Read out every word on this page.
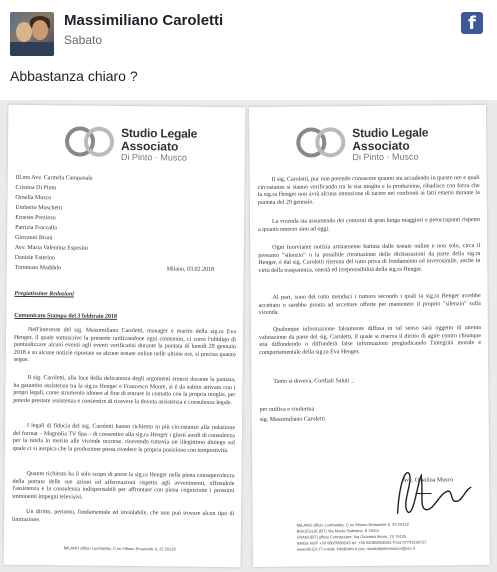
Massimiliano Caroletti
Sabato
f
Abbastanza chiaro ?
Studio Legale
Associato
Di Pinto · Musco
Ill.mo Avv. Carmela Campanale
Cristina Di Pinto
Ornella Musco
Umberto Moschetti
Ernesto Prezioso
Patrizia Fraccalla
Giovanni Bruni
Avv. Maria Valentina Esposito
Daniele Esterino
Tommaso Maddalo	Milano, 03.02.2018
Pregiatissime Redazioni
Comunicato Stampa del 3 febbraio 2018
Nell'interesse del sig. Massimiliano Caroletti, manager e marito della sig.ra Eva Henger, il quale sottoscrive la presente ratificandone ogni contenuto, ci corre l'obbligo di puntualizzare alcuni eventi agli eventi verificatisi durante la puntata di lunedì 29 gennaio 2018 e su alcune notizie riportate su alcune testate online nelle ultime ore, si precisa quanto segue.
Il sig. Caroletti, alla luce della delicatezza degli argomenti emersi durante la puntata, ha garantito assistenza tra la sig.ra Henger e Francesco Monte, si è da subito attivato con i propri legali, come strumento idoneo al fine di entrare in contatto con la propria moglie, per poterle prestare assistenza e consentire di ricevere la dovuta assistenza e consulenza legale.
I legali di fiducia del sig. Caroletti hanno richiesto in più circostanze alla redazione del format – Magnolia TV Spa – di consentire alla sig.ra Henger i giusti ausili di consulenza per la tutela in merito alle vicende occorse, ricevendo tuttavia un illegittimo diniego sul quale ci si auspica che la produzione possa rivedere la propria posizione con tempestività.
Quanto richiesto ha il solo scopo di porre la sig.ra Henger nella piena consapevolezza della portata delle sue azioni ed affermazioni rispetto agli avvenimenti, offrendole l'assistenza e la consulenza indispensabili per affrontare con piena cognizione i prossimi imminenti impegni televisivi.
Un diritto, pertanto, fondamentale ed inviolabile, che non può trovare alcun tipo di limitazione.
MILANO ufficio Lombardia: C.so Vittorio Emanuele II, 22 20122
Studio Legale
Associato
Di Pinto · Musco
Il sig. Caroletti, pur non potendo conoscere quanto sta accadendo in queste ore e quali circostanze si stanno verificando tra la sua moglie e la produzione, ribadisce con forza che la sig.ra Henger non avrà alcuna intenzione di tacere nei confronti ai fatti emersi durante la puntata del 29 gennaio.
La vicenda sta assumendo dei contorni di gran lunga maggiori e preoccupanti rispetto a quanto emerso sino ad oggi.
Ogni fuorviante notizia artatamente battuta dalle testate online e non solo, circa il presunto "silenzio" o la possibile ritrattazione delle dichiarazioni da parte della sig.ra Henger, è dal sig. Caroletti ritenuta del tutto priva di fondamento ed inverosimile, anche in virtù della trasparenza, onestà ed irreprensibilità della sig.ra Henger.
Al pari, sono del tutto mendaci i rumors secondo i quali la sig.ra Henger avrebbe accettato o sarebbe pronta ad accettare offerte per mantenere il proprio "silenzio" sulla vicenda.
Qualunque informazione falsamente diffusa in tal senso sarà oggetto di attenta valutazione da parte del sig. Caroletti, il quale si riserva il diritto di agire contro chiunque stia diffondendo o diffonderà false informazioni pregiudicando l'integrità morale e comportamentale della sig.ra Eva Henger.
Tanto si doveva, Cordiali Saluti _
per ratifica e conferma
sig. Massimiliano Caroletti
Avv. Orsolina Musco
MILANO ufficio Lombardia: C.so Vittorio Emanuele II, 22 20122
BISCEGLIE (BT) Via Monte Sabotino, 8 76011
TRANI (BT) ufficio Formazione: Via Giovanni Bovio, 74 76125
telefax VoIP +39 080/3968243 tel. +39 0208/3968194 P.Iva 07793190727
www.WLEX.IT e-mail: info@slex.it pec: studiodipintomusco@pec.it
